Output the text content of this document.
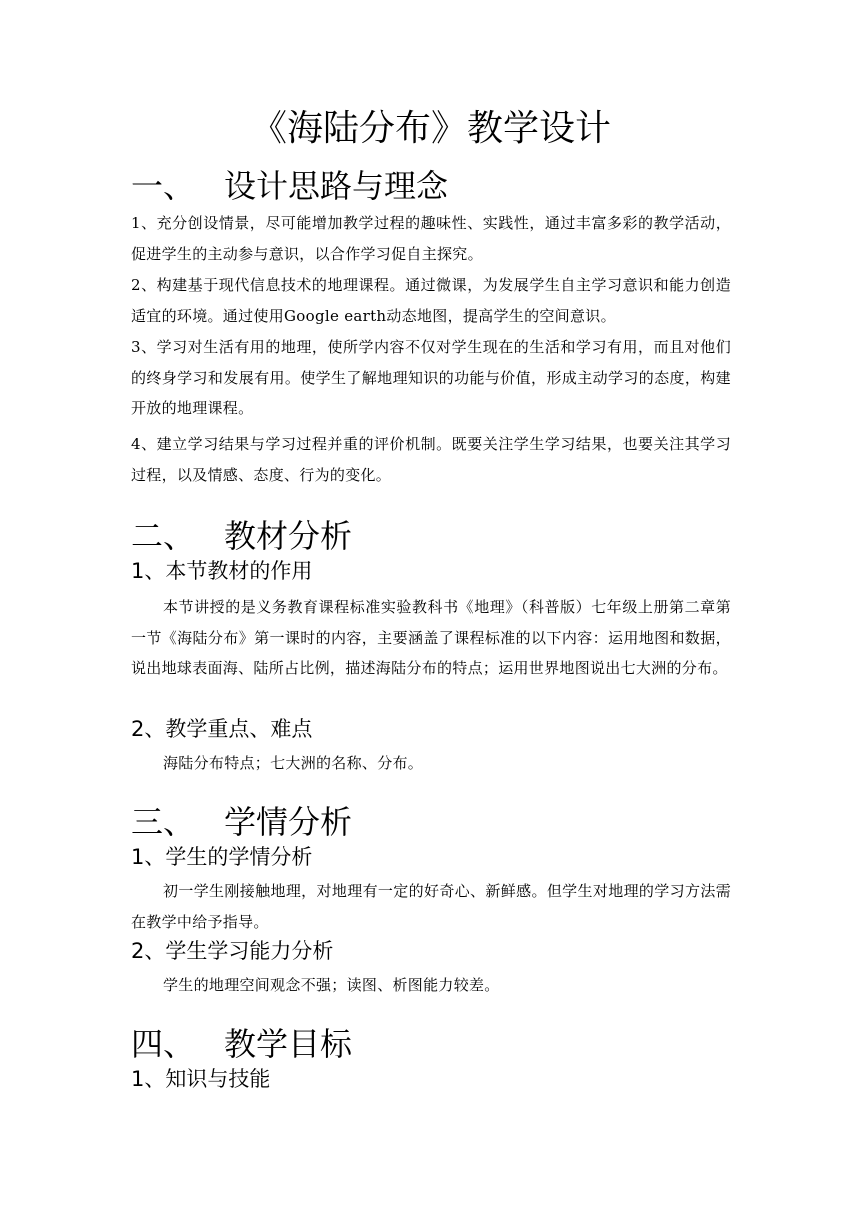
《海陆分布》教学设计
一、 设计思路与理念

1、充分创设情景，尽可能增加教学过程的趣味性、实践性，通过丰富多彩的教学活动，促进学生的主动参与意识，以合作学习促自主探究。

2、构建基于现代信息技术的地理课程。通过微课，为发展学生自主学习意识和能力创造适宜的环境。通过使用Google earth动态地图，提高学生的空间意识。

3、学习对生活有用的地理，使所学内容不仅对学生现在的生活和学习有用，而且对他们的终身学习和发展有用。使学生了解地理知识的功能与价值，形成主动学习的态度，构建开放的地理课程。

4、建立学习结果与学习过程并重的评价机制。既要关注学生学习结果，也要关注其学习过程，以及情感、态度、行为的变化。

二、 教材分析
1、本节教材的作用

本节讲授的是义务教育课程标准实验教科书《地理》（科普版）七年级上册第二章第一节《海陆分布》第一课时的内容，主要涵盖了课程标准的以下内容：运用地图和数据，说出地球表面海、陆所占比例，描述海陆分布的特点；运用世界地图说出七大洲的分布。

2、教学重点、难点

海陆分布特点；七大洲的名称、分布。

三、 学情分析
1、学生的学情分析

初一学生刚接触地理，对地理有一定的好奇心、新鲜感。但学生对地理的学习方法需在教学中给予指导。

2、学生学习能力分析

学生的地理空间观念不强；读图、析图能力较差。

四、 教学目标
1、知识与技能
